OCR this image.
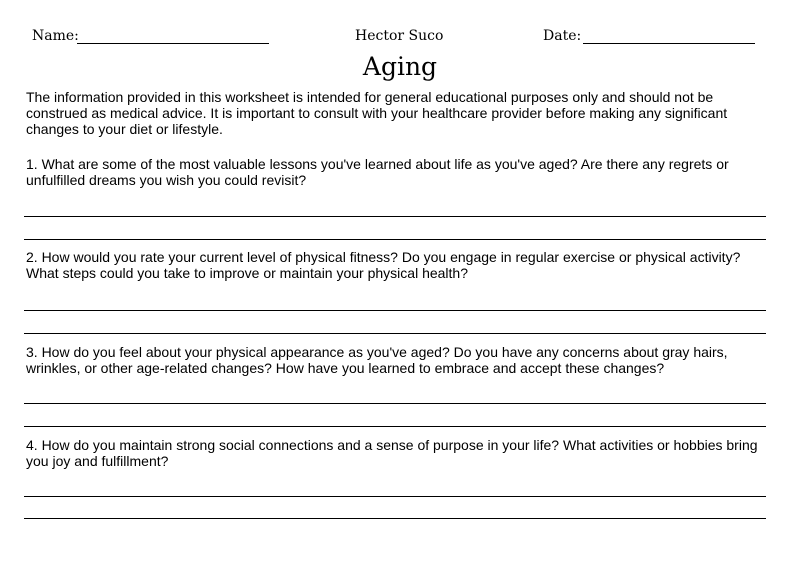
Name:	Hector Suco	Date:
Aging
The information provided in this worksheet is intended for general educational purposes only and should not be construed as medical advice. It is important to consult with your healthcare provider before making any significant changes to your diet or lifestyle.
1. What are some of the most valuable lessons you've learned about life as you've aged? Are there any regrets or unfulfilled dreams you wish you could revisit?
2. How would you rate your current level of physical fitness? Do you engage in regular exercise or physical activity? What steps could you take to improve or maintain your physical health?
3. How do you feel about your physical appearance as you've aged? Do you have any concerns about gray hairs, wrinkles, or other age-related changes? How have you learned to embrace and accept these changes?
4. How do you maintain strong social connections and a sense of purpose in your life? What activities or hobbies bring you joy and fulfillment?
